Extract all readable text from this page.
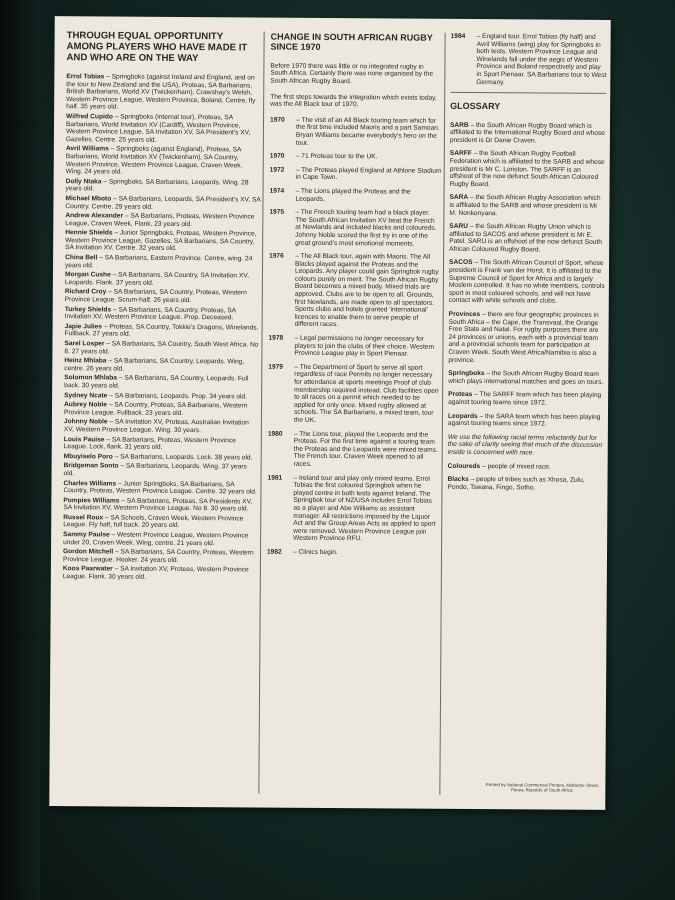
THROUGH EQUAL OPPORTUNITY AMONG PLAYERS WHO HAVE MADE IT AND WHO ARE ON THE WAY
Errol Tobias – Springboks (against Ireland and England, and on the tour to New Zealand and the USA), Proteas, SA Barbarians, British Barbarians, World XV (Twickenham), Crawshay's Welsh, Western Province League, Western Province, Boland. Centre, fly half. 35 years old.
Wilfred Cupido – Springboks (internal tour), Proteas, SA Barbarians, World Invitation XV (Cardiff), Western Province, Western Province League, SA Invitation XV, SA President's XV, Gazelles. Centre. 25 years old.
Avril Williams – Springboks (against England), Proteas, SA Barbarians, World Invitation XV (Twickenham), SA Country, Western Province, Western Province League, Craven Week. Wing. 24 years old.
Dolly Ntaka – Springboks, SA Barbarians, Leopards. Wing. 28 years old.
Michael Mboto – SA Barbarians, Leopards, SA President's XV, SA Country. Centre. 29 years old.
Andrew Alexander – SA Barbarians, Proteas, Western Province League, Craven Week. Flank. 23 years old.
Hennie Shields – Junior Springboks, Proteas, Western Province, Western Province League, Gazelles, SA Barbarians, SA Country, SA Invitation XV. Centre. 32 years old.
China Bell – SA Barbarians, Eastern Province. Centre, wing. 24 years old.
Morgan Cushe – SA Barbarians, SA Country, SA Invitation XV, Leopards. Flank. 37 years old.
Richard Croy – SA Barbarians, SA Country, Proteas, Western Province League. Scrum-half. 26 years old.
Turkey Shields – SA Barbarians, SA Country, Proteas, SA Invitation XV, Western Province League. Prop. Deceased.
Japie Julies – Proteas, SA Country, Tokkie's Dragons, Winelands. Fullback. 27 years old.
Sarel Losper – SA Barbarians, SA Country, South West Africa. No 8. 27 years old.
Heinz Mhlaba – SA Barbarians, SA Country, Leopards. Wing, centre. 26 years old.
Solomon Mhlaba – SA Barbarians, SA Country, Leopards. Full back. 30 years old.
Sydney Ncate – SA Barbarians, Leopards. Prop. 34 years old.
Aubrey Noble – SA Country, Proteas, SA Barbarians, Western Province League. Fullback. 23 years old.
Johnny Noble – SA Invitation XV, Proteas, Australian Invitation XV, Western Province League. Wing. 30 years.
Louis Pauise – SA Barbarians, Proteas, Western Province League. Lock, flank. 31 years old.
Mbuyiselo Poro – SA Barbarians, Leopards. Lock. 38 years old.
Bridgeman Sonto – SA Barbarians, Leopards. Wing. 37 years old.
Charles Williams – Junior Springboks, SA Barbarians, SA Country, Proteas, Western Province League. Centre. 32 years old.
Pompies Williams – SA Barbarians, Proteas, SA Presidents XV, SA Invitation XV, Western Province League. No 8. 30 years old.
Russel Roux – SA Schools, Craven Week, Western Province League. Fly half, full back. 20 years old.
Sammy Paulse – Western Province League, Western Province under 20, Craven Week. Wing, centre. 21 years old.
Gordon Mitchell – SA Barbarians, SA Country, Proteas, Western Province League. Hooker. 24 years old.
Koos Paarwater – SA Invitation XV, Proteas, Western Province League. Flank. 30 years old.
CHANGE IN SOUTH AFRICAN RUGBY SINCE 1970
Before 1970 there was little or no integrated rugby in South Africa. Certainly there was none organised by the South African Rugby Board.
The first steps towards the integration which exists today, was the All Black tour of 1970.
1970	– The visit of an All Black touring team which for the first time included Maoris and a part Samoan. Bryan Williams became everybody's hero on the tour.
1970	– 71 Proteas tour to the UK.
1972	– The Proteas played England at Athlone Stadium in Cape Town.
1974	– The Lions played the Proteas and the Leopards.
1975	– The French touring team had a black player. The South African Invitation XV beat the French at Newlands and included blacks and coloureds. Johnny Noble scored the first try in one of the great ground's most emotional moments.
1976	– The All Black tour, again with Maoris. The All Blacks played against the Proteas and the Leopards. Any player could gain Springbok rugby colours purely on merit. The South African Rugby Board becomes a mixed body. Mixed trials are approved. Clubs are to be open to all. Grounds, first Newlands, are made open to all spectators. Sports clubs and hotels granted 'international' licences to enable them to serve people of different races.
1978	– Legal permissions no longer necessary for players to join the clubs of their choice. Western Province League play in Sport Pienaar.
1979	– The Department of Sport to serve all sport regardless of race Permits no longer necessary for attendance at sports meetings Proof of club membership required instead. Club facilities open to all races on a permit which needed to be applied for only once. Mixed rugby allowed at schools. The SA Barbarians, a mixed team, tour the UK.
1980	– The Lions tour, played the Leopards and the Proteas. For the first time against a touring team the Proteas and the Leopards were mixed teams. The French tour. Craven Week opened to all races.
1981	– Ireland tour and play only mixed teams. Errol Tobias the first coloured Springbok when he played centre in both tests against Ireland. The Springbok tour of NZ/USA includes Errol Tobias as a player and Abe Williams as assistant manager. All restrictions imposed by the Liquor Act and the Group Areas Acts as applied to sport were removed. Western Province League join Western Province RFU.
1982	– Clinics begin.
1984	– England tour. Errol Tobias (fly half) and Avril Williams (wing) play for Springboks in both tests. Western Province League and Winelands fall under the aegis of Western Province and Boland respectively and play in Sport Pienaar. SA Barbarians tour to West Germany.
GLOSSARY
SARB – the South African Rugby Board which is affiliated to the International Rugby Board and whose president is Dr Danie Craven.
SARFF – the South African Rugby Football Federation which is affiliated to the SARB and whose president is Mr C. Loriston. The SARFF is an offshoot of the now defunct South African Coloured Rugby Board.
SARA – the South African Rugby Association which is affiliated to the SARB and whose president is Mr M. Nonkonyana.
SARU – the South African Rugby Union which is affiliated to SACOS and whose president is Mr E. Patel. SARU is an offshoot of the now defunct South African Coloured Rugby Board.
SACOS – The South African Council of Sport, whose president is Frank van der Horst. It is affiliated to the Supreme Council of Sport for Africa and is largely Moslem controlled. It has no white members, controls sport in most coloured schools, and will not have contact with white schools and clubs.
Provinces – there are four geographic provinces in South Africa – the Cape, the Transvaal, the Orange Free State and Natal. For rugby purposes there are 24 provinces or unions, each with a provincial team and a provincial schools team for participation at Craven Week. South West Africa/Namibia is also a province.
Springboks – the South African Rugby Board team which plays international matches and goes on tours.
Proteas – The SARFF team which has been playing against touring teams since 1972.
Leopards – the SARA team which has been playing against touring teams since 1972.
We use the following racial terms reluctantly but for the sake of clarity seeing that much of the discussion inside is concerned with race.
Coloureds – people of mixed race.
Blacks – people of tribes such as Xhosa, Zulu, Pondo, Tswana, Fingo, Sotho.
Printed by National Commercial Printers, Malherbe Street, Parow, Republic of South Africa.
